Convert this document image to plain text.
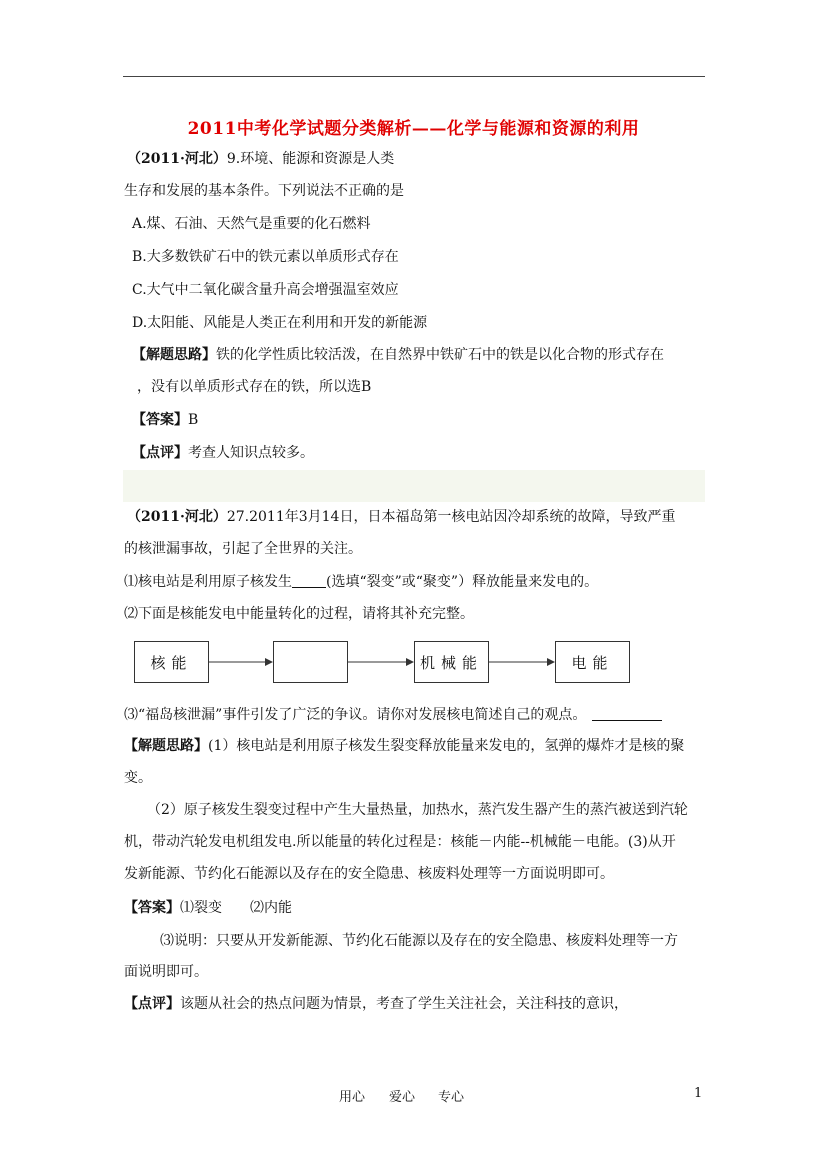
2011中考化学试题分类解析——化学与能源和资源的利用
（2011·河北）9.环境、能源和资源是人类
生存和发展的基本条件。下列说法不正确的是
A.煤、石油、天然气是重要的化石燃料
B.大多数铁矿石中的铁元素以单质形式存在
C.大气中二氧化碳含量升高会增强温室效应
D.太阳能、风能是人类正在利用和开发的新能源
【解题思路】铁的化学性质比较活泼，在自然界中铁矿石中的铁是以化合物的形式存在
，没有以单质形式存在的铁，所以选B
【答案】B
【点评】考查人知识点较多。
（2011·河北）27.2011年3月14日，日本福岛第一核电站因冷却系统的故障，导致严重
的核泄漏事故，引起了全世界的关注。
⑴核电站是利用原子核发生 (选填“裂变”或“聚变”）释放能量来发电的。
⑵下面是核能发电中能量转化的过程，请将其补充完整。
核能	机械能	电能
⑶“福岛核泄漏”事件引发了广泛的争议。请你对发展核电简述自己的观点。
【解题思路】(1）核电站是利用原子核发生裂变释放能量来发电的，氢弹的爆炸才是核的聚
变。
（2）原子核发生裂变过程中产生大量热量，加热水，蒸汽发生器产生的蒸汽被送到汽轮
机，带动汽轮发电机组发电.所以能量的转化过程是：核能－内能--机械能－电能。(3)从开
发新能源、节约化石能源以及存在的安全隐患、核废料处理等一方面说明即可。
【答案】⑴裂变　　⑵内能
⑶说明：只要从开发新能源、节约化石能源以及存在的安全隐患、核废料处理等一方
面说明即可。
【点评】该题从社会的热点问题为情景，考查了学生关注社会，关注科技的意识，
用心 爱心 专心	1
